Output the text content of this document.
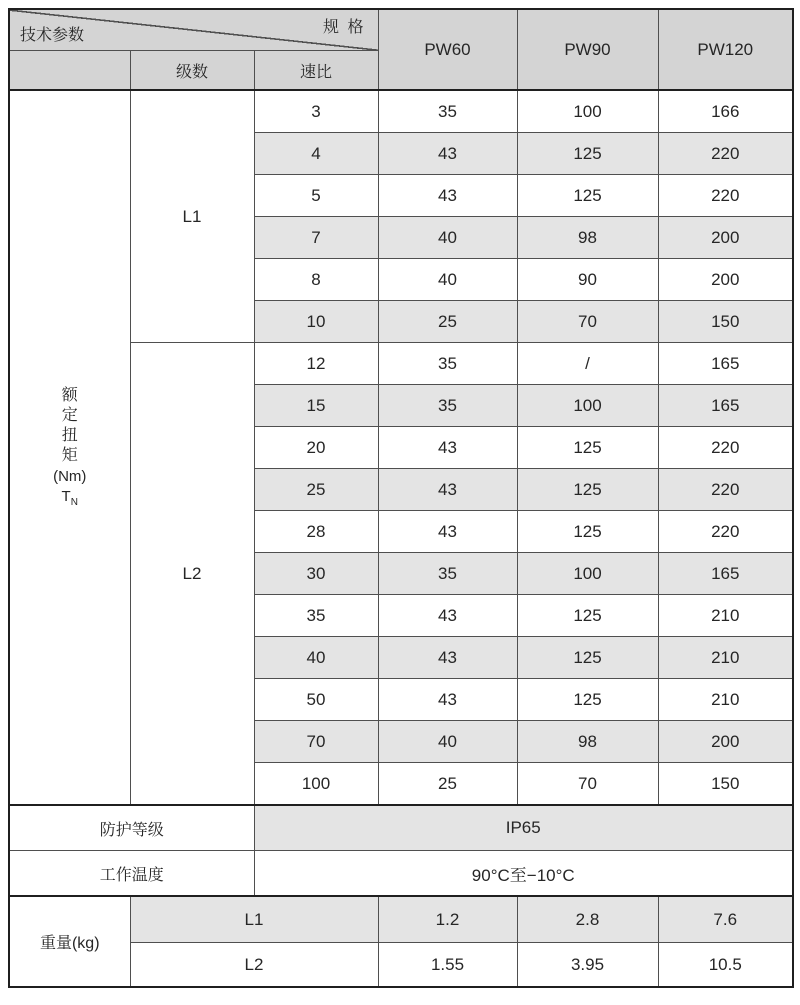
规 格
技术参数			PW60	PW90	PW120
	级数	速比			

额定扭矩
(Nm)
$T_N$	L1	3	35	100	166
		4	43	125	220
		5	43	125	220
		7	40	98	200
		8	40	90	200
		10	25	70	150
	L2	12	35	/	165
		15	35	100	165
		20	43	125	220
		25	43	125	220
		28	43	125	220
		30	35	100	165
		35	43	125	210
		40	43	125	210
		50	43	125	210
		70	40	98	200
		100	25	70	150
防护等级		IP65			
工作温度		90°C至−10°C			
重量(kg)	L1		1.2	2.8	7.6
	L2		1.55	3.95	10.5
